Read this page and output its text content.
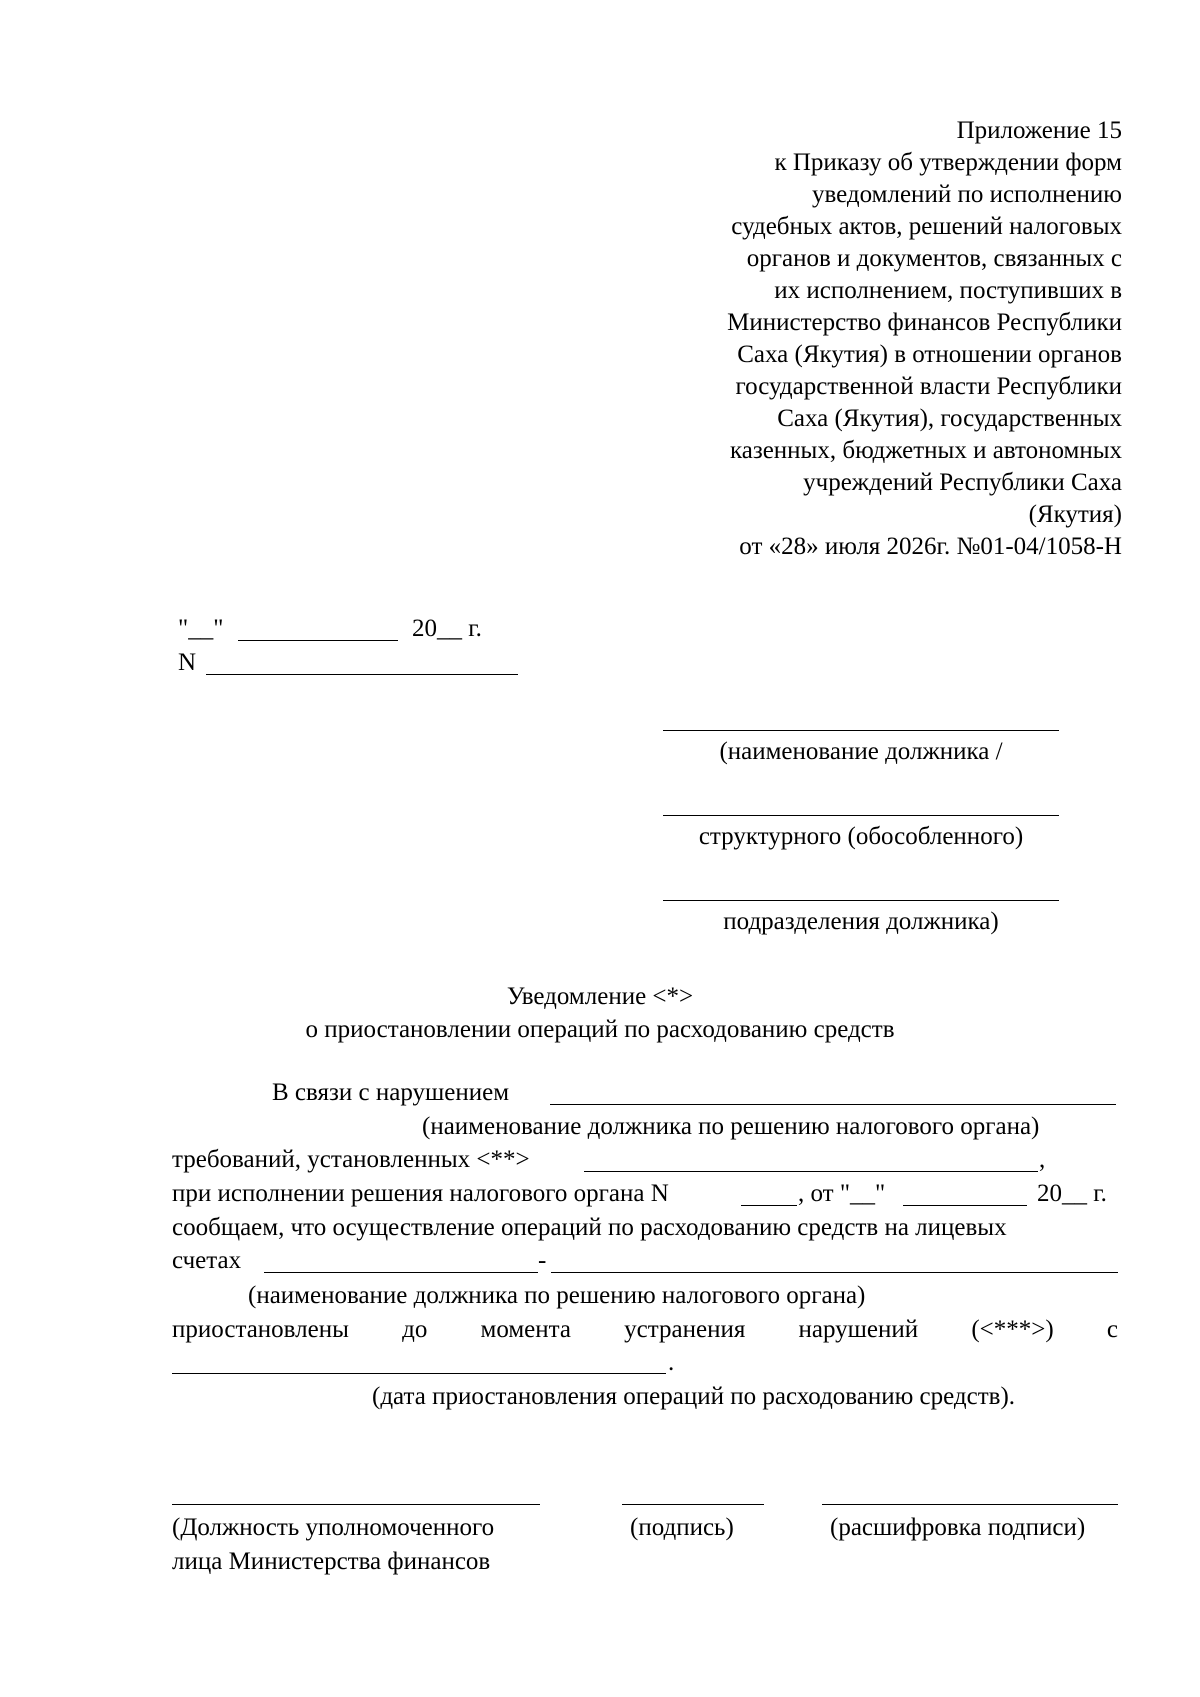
Приложение 15
к Приказу об утверждении форм
уведомлений по исполнению
судебных актов, решений налоговых
органов и документов, связанных с
их исполнением, поступивших в
Министерство финансов Республики
Саха (Якутия) в отношении органов
государственной власти Республики
Саха (Якутия), государственных
казенных, бюджетных и автономных
учреждений Республики Саха
(Якутия)
от «28» июля 2026г. №01-04/1058-Н
"__"	20__ г.
N
(наименование должника /
структурного (обособленного)
подразделения должника)
Уведомление <*>
о приостановлении операций по расходованию средств
В связи с нарушением
(наименование должника по решению налогового органа)
требований, установленных <**>	,
при исполнении решения налогового органа N	, от "__"	20__ г.
сообщаем, что осуществление операций по расходованию средств на лицевых
счетах	-
(наименование должника по решению налогового органа)
приостановлены до момента устранения нарушений (<***>) с
.
(дата приостановления операций по расходованию средств).
(Должность уполномоченного
лица Министерства финансов
(подпись)	(расшифровка подписи)
